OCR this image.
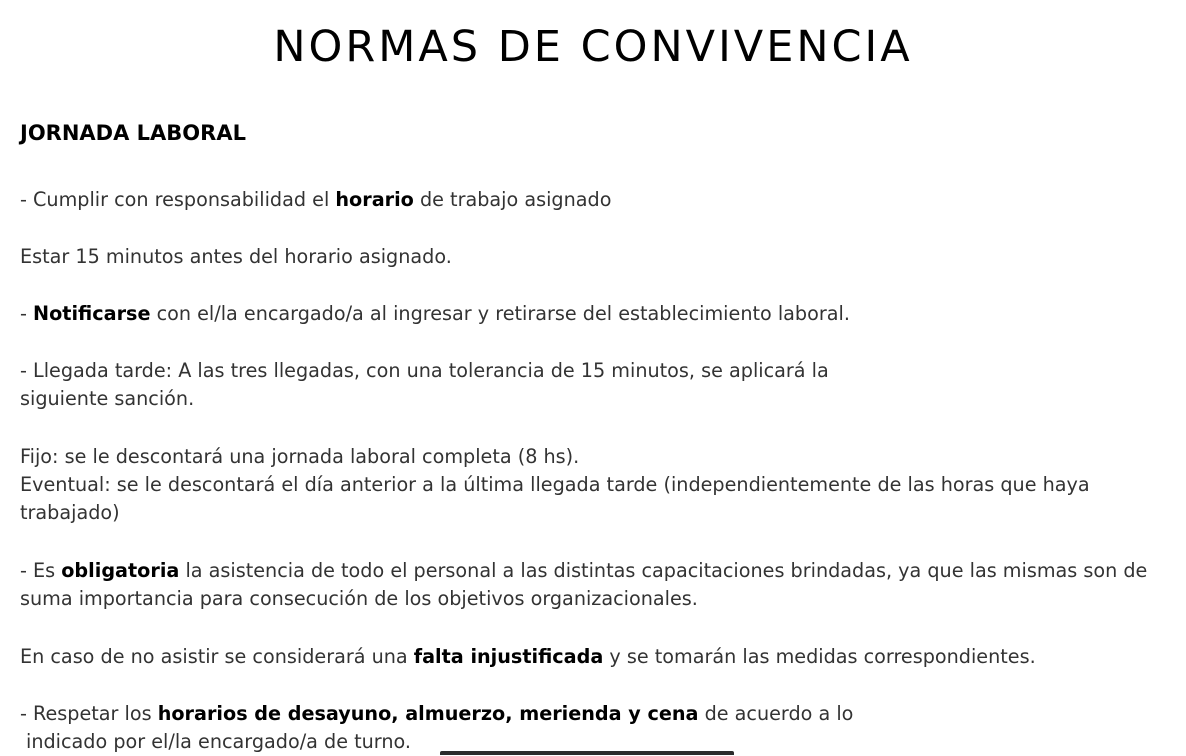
NORMAS DE CONVIVENCIA
JORNADA LABORAL
- Cumplir con responsabilidad el horario de trabajo asignado
Estar 15 minutos antes del horario asignado.
- Notificarse con el/la encargado/a al ingresar y retirarse del establecimiento laboral.
- Llegada tarde: A las tres llegadas, con una tolerancia de 15 minutos, se aplicará la
siguiente sanción.
Fijo: se le descontará una jornada laboral completa (8 hs).
Eventual: se le descontará el día anterior a la última llegada tarde (independientemente de las horas que haya
trabajado)
- Es obligatoria la asistencia de todo el personal a las distintas capacitaciones brindadas, ya que las mismas son de
suma importancia para consecución de los objetivos organizacionales.
En caso de no asistir se considerará una falta injustificada y se tomarán las medidas correspondientes.
- Respetar los horarios de desayuno, almuerzo, merienda y cena de acuerdo a lo
indicado por el/la encargado/a de turno.
